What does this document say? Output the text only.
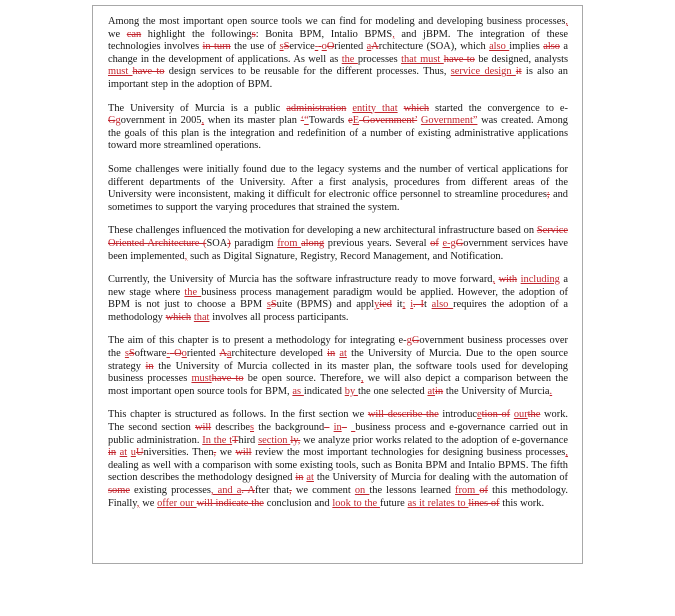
Among the most important open source tools we can find for modeling and developing business processes, we can highlight the followings: Bonita BPM, Intalio BPMS, and jBPM. The integration of these technologies involves in turn the use of sService- oOriented aArchitecture (SOA), which also implies also a change in the development of applications. As well as the processes that must have to be designed, analysts must have to design services to be reusable for the different processes. Thus, service design it is also an important step in the adoption of BPM.

The University of Murcia is a public administration entity that which started the convergence to e-Ggovernment in 2005, when its master plan ‘“Towards eE-Government’ Government” was created. Among the goals of this plan is the integration and redefinition of a number of existing administrative applications toward more streamlined operations.

Some challenges were initially found due to the legacy systems and the number of vertical applications for different departments of the University. After a first analysis, procedures from different areas of the University were inconsistent, making it difficult for electronic office personnel to streamline procedures; and sometimes to support the varying procedures that strained the system.

These challenges influenced the motivation for developing a new architectural infrastructure based on Service Oriented Architecture (SOA) paradigm from along previous years. Several of e-gGovernment services have been implemented, such as Digital Signature, Registry, Record Management, and Notification.

Currently, the University of Murcia has the software infrastructure ready to move forward, with including a new stage where the business process management paradigm would be applied. However, the adoption of BPM is not just to choose a BPM sSuite (BPMS) and applyied it; i. It also requires the adoption of a methodology which that involves all process participants.

The aim of this chapter is to present a methodology for integrating e-gGovernment business processes over the sSoftware- Ooriented Aarchitecture developed in at the University of Murcia. Due to the open source strategy in the University of Murcia collected in its master plan, the software tools used for developing business processes musthave to be open source. Therefore, we will also depict a comparison between the most important open source tools for BPM, as indicated by the one selected atin the University of Murcia.

This chapter is structured as follows. In the first section we will describe the introducetion of ourthe work. The second section will describes the background– in– business process and e-governance carried out in public administration. In the tThird section ly, we analyze prior works related to the adoption of e-governance in at uUniversities. Then, we will review the most important technologies for designing business processes, dealing as well with a comparison with some existing tools, such as Bonita BPM and Intalio BPMS. The fifth section describes the methodology designed in at the University of Murcia for dealing with the automation of some existing processes, and a. After that, we comment on the lessons learned from of this methodology. Finally, we offer our will indicate the conclusion and look to the future as it relates to lines of this work.
